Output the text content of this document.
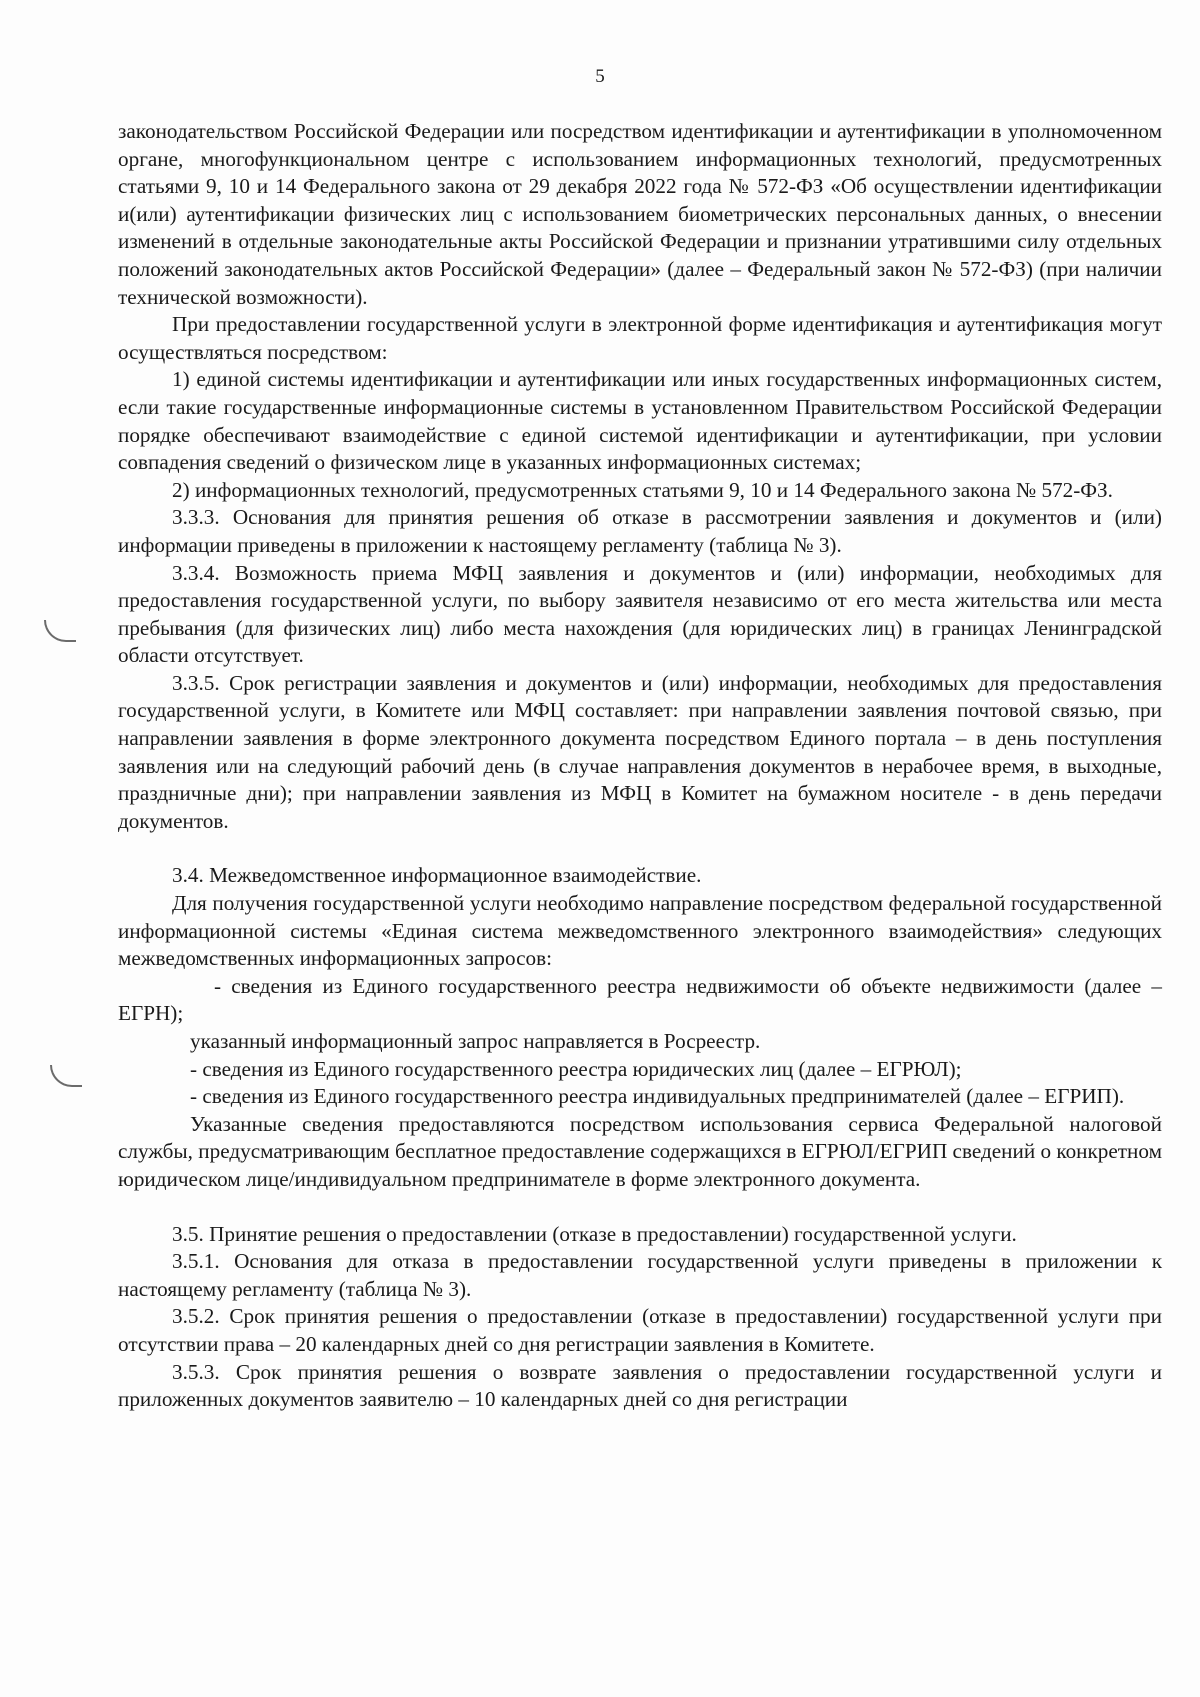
5

законодательством Российской Федерации или посредством идентификации и аутентификации в уполномоченном органе, многофункциональном центре с использованием информационных технологий, предусмотренных статьями 9, 10 и 14 Федерального закона от 29 декабря 2022 года № 572-ФЗ «Об осуществлении идентификации и(или) аутентификации физических лиц с использованием биометрических персональных данных, о внесении изменений в отдельные законодательные акты Российской Федерации и признании утратившими силу отдельных положений законодательных актов Российской Федерации» (далее – Федеральный закон № 572-ФЗ) (при наличии технической возможности).

При предоставлении государственной услуги в электронной форме идентификация и аутентификация могут осуществляться посредством:

1) единой системы идентификации и аутентификации или иных государственных информационных систем, если такие государственные информационные системы в установленном Правительством Российской Федерации порядке обеспечивают взаимодействие с единой системой идентификации и аутентификации, при условии совпадения сведений о физическом лице в указанных информационных системах;

2) информационных технологий, предусмотренных статьями 9, 10 и 14 Федерального закона № 572-ФЗ.

3.3.3. Основания для принятия решения об отказе в рассмотрении заявления и документов и (или) информации приведены в приложении к настоящему регламенту (таблица № 3).

3.3.4. Возможность приема МФЦ заявления и документов и (или) информации, необходимых для предоставления государственной услуги, по выбору заявителя независимо от его места жительства или места пребывания (для физических лиц) либо места нахождения (для юридических лиц) в границах Ленинградской области отсутствует.

3.3.5. Срок регистрации заявления и документов и (или) информации, необходимых для предоставления государственной услуги, в Комитете или МФЦ составляет: при направлении заявления почтовой связью, при направлении заявления в форме электронного документа посредством Единого портала – в день поступления заявления или на следующий рабочий день (в случае направления документов в нерабочее время, в выходные, праздничные дни); при направлении заявления из МФЦ в Комитет на бумажном носителе - в день передачи документов.

3.4. Межведомственное информационное взаимодействие.

Для получения государственной услуги необходимо направление посредством федеральной государственной информационной системы «Единая система межведомственного электронного взаимодействия» следующих межведомственных информационных запросов:

- сведения из Единого государственного реестра недвижимости об объекте недвижимости (далее – ЕГРН);

указанный информационный запрос направляется в Росреестр.

- сведения из Единого государственного реестра юридических лиц (далее – ЕГРЮЛ);

- сведения из Единого государственного реестра индивидуальных предпринимателей (далее – ЕГРИП).

Указанные сведения предоставляются посредством использования сервиса Федеральной налоговой службы, предусматривающим бесплатное предоставление содержащихся в ЕГРЮЛ/ЕГРИП сведений о конкретном юридическом лице/индивидуальном предпринимателе в форме электронного документа.

3.5. Принятие решения о предоставлении (отказе в предоставлении) государственной услуги.

3.5.1. Основания для отказа в предоставлении государственной услуги приведены в приложении к настоящему регламенту (таблица № 3).

3.5.2. Срок принятия решения о предоставлении (отказе в предоставлении) государственной услуги при отсутствии права – 20 календарных дней со дня регистрации заявления в Комитете.

3.5.3. Срок принятия решения о возврате заявления о предоставлении государственной услуги и приложенных документов заявителю – 10 календарных дней со дня регистрации
